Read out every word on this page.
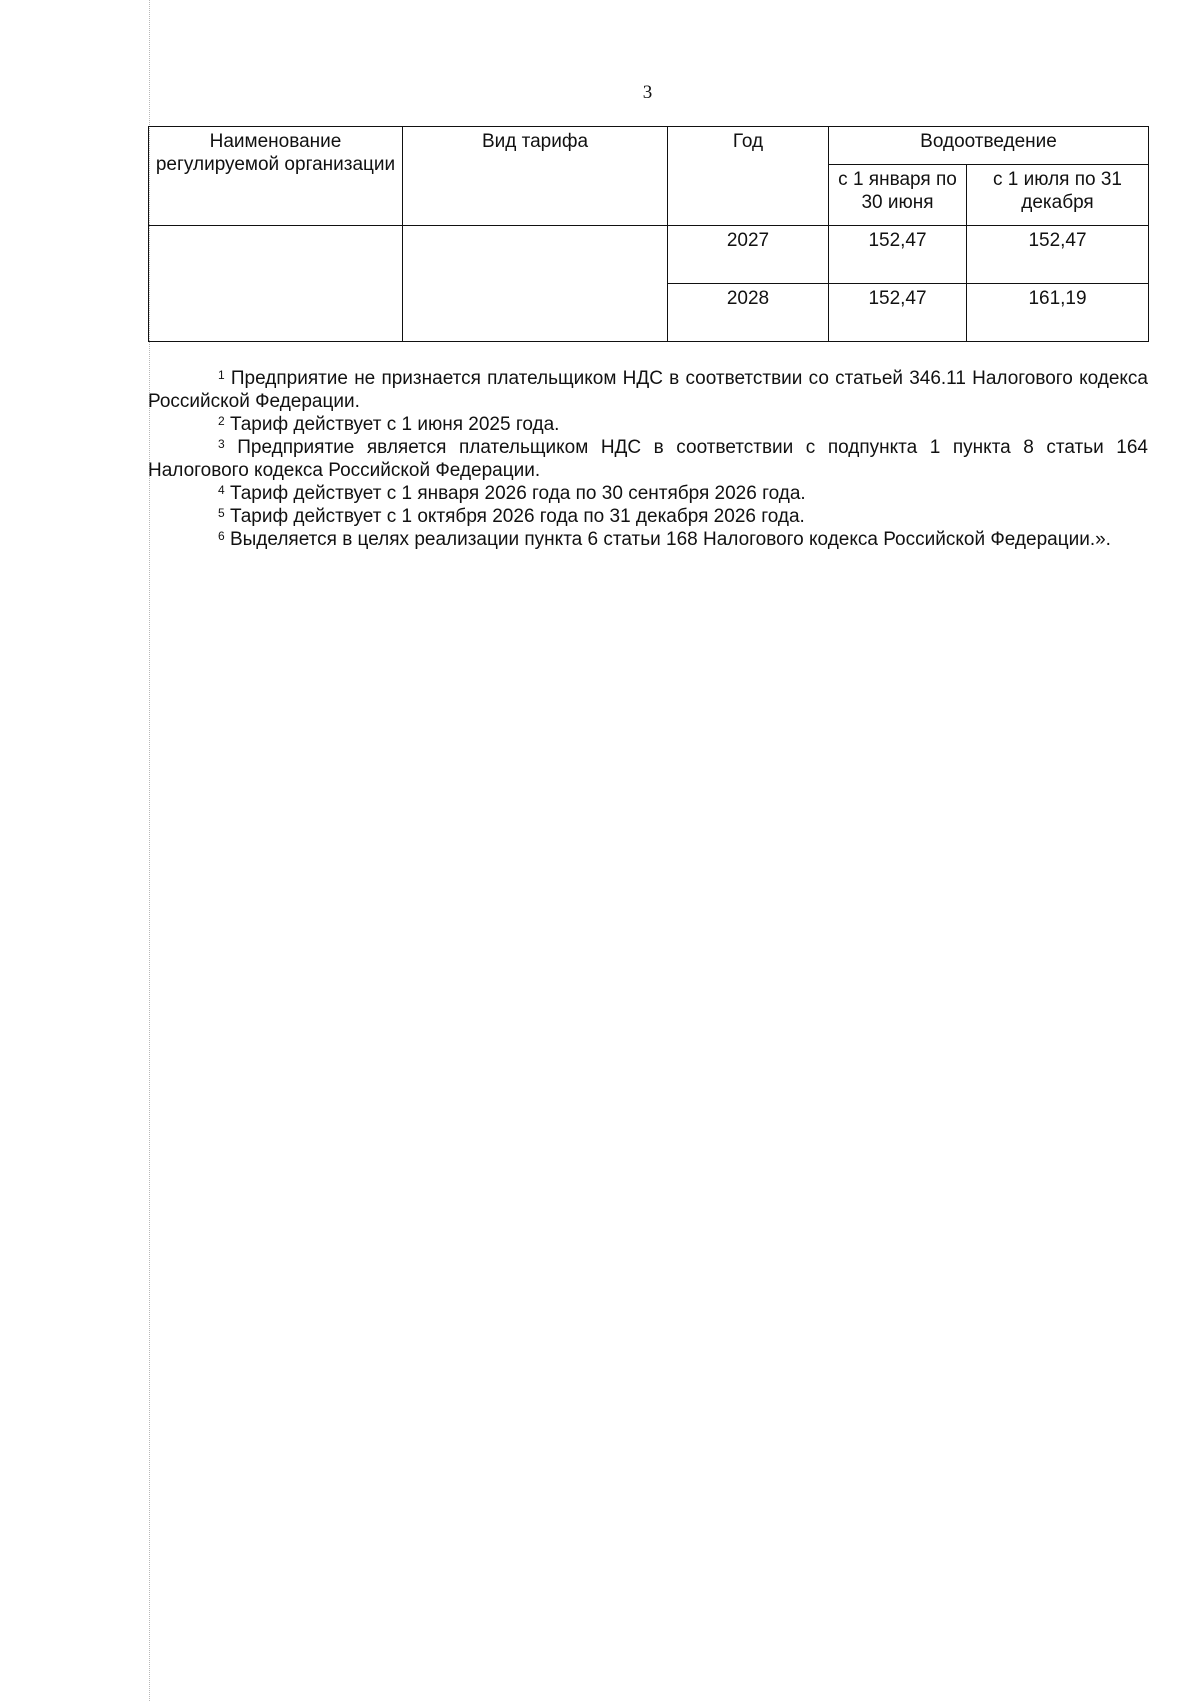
3
Наименование регулируемой организации	Вид тарифа	Год	Водоотведение	
			с 1 января по 30 июня	с 1 июля по 31 декабря
		2027	152,47	152,47
		2028	152,47	161,19

$^1$ Предприятие не признается плательщиком НДС в соответствии со статьей 346.11 Налогового кодекса Российской Федерации.

$^2$ Тариф действует с 1 июня 2025 года.

$^3$ Предприятие является плательщиком НДС в соответствии с подпункта 1 пункта 8 статьи 164 Налогового кодекса Российской Федерации.

$^4$ Тариф действует с 1 января 2026 года по 30 сентября 2026 года.

$^5$ Тариф действует с 1 октября 2026 года по 31 декабря 2026 года.

$^6$ Выделяется в целях реализации пункта 6 статьи 168 Налогового кодекса Российской Федерации.».
